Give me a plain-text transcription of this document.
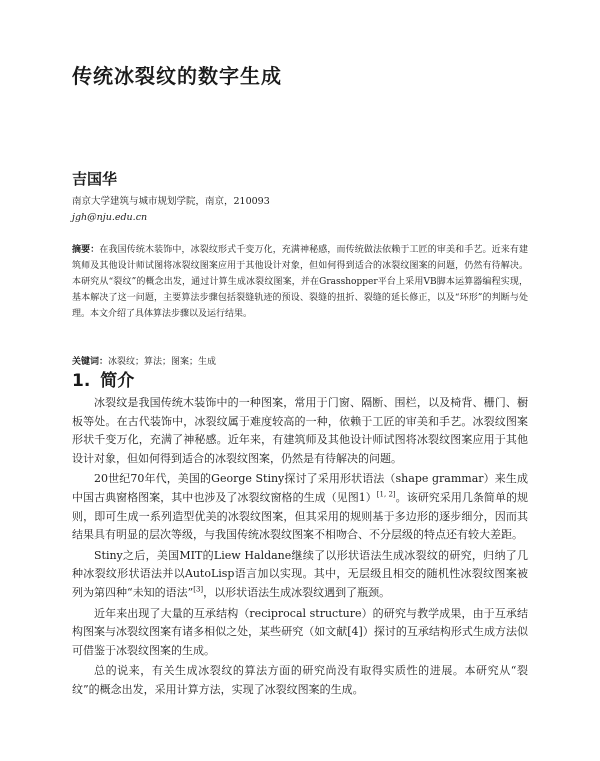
传统冰裂纹的数字生成
吉国华
南京大学建筑与城市规划学院，南京，210093
jgh@nju.edu.cn

摘要：在我国传统木装饰中，冰裂纹形式千变万化，充满神秘感，而传统做法依赖于工匠的审美和手艺。近来有建筑师及其他设计师试图将冰裂纹图案应用于其他设计对象，但如何得到适合的冰裂纹图案的问题，仍然有待解决。本研究从“裂纹”的概念出发，通过计算生成冰裂纹图案，并在Grasshopper平台上采用VB脚本运算器编程实现，基本解决了这一问题，主要算法步骤包括裂缝轨迹的预设、裂缝的扭折、裂缝的延长修正，以及“环形”的判断与处理。本文介绍了具体算法步骤以及运行结果。

关键词：冰裂纹；算法；图案；生成

1. 简介

冰裂纹是我国传统木装饰中的一种图案，常用于门窗、隔断、围栏，以及椅背、栅门、橱板等处。在古代装饰中，冰裂纹属于难度较高的一种，依赖于工匠的审美和手艺。冰裂纹图案形状千变万化，充满了神秘感。近年来，有建筑师及其他设计师试图将冰裂纹图案应用于其他设计对象，但如何得到适合的冰裂纹图案，仍然是有待解决的问题。

20世纪70年代，美国的George Stiny探讨了采用形状语法（shape grammar）来生成中国古典窗格图案，其中也涉及了冰裂纹窗格的生成（见图1）[1, 2]。该研究采用几条简单的规则，即可生成一系列造型优美的冰裂纹图案，但其采用的规则基于多边形的逐步细分，因而其结果具有明显的层次等级，与我国传统冰裂纹图案不相吻合、不分层级的特点还有较大差距。

Stiny之后，美国MIT的Liew Haldane继续了以形状语法生成冰裂纹的研究，归纳了几种冰裂纹形状语法并以AutoLisp语言加以实现。其中，无层级且相交的随机性冰裂纹图案被列为第四种“未知的语法”[3]，以形状语法生成冰裂纹遇到了瓶颈。

近年来出现了大量的互承结构（reciprocal structure）的研究与教学成果，由于互承结构图案与冰裂纹图案有诸多相似之处，某些研究（如文献[4]）探讨的互承结构形式生成方法似可借鉴于冰裂纹图案的生成。

总的说来，有关生成冰裂纹的算法方面的研究尚没有取得实质性的进展。本研究从“裂纹”的概念出发，采用计算方法，实现了冰裂纹图案的生成。
